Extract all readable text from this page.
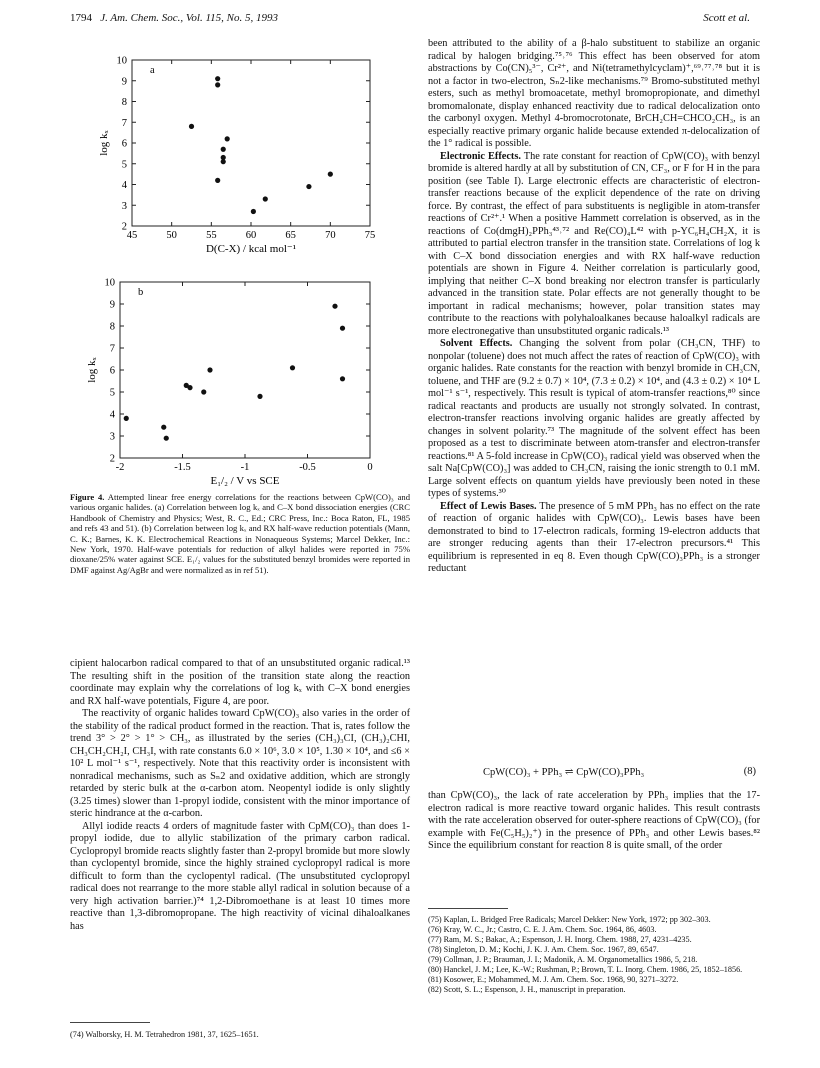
1794 J. Am. Chem. Soc., Vol. 115, No. 5, 1993	Scott et al.
45	50	55	60	65	70	75
2
3
4
5
6
7
8
9
10
a
D(C-X) / kcal mol⁻¹
log kₓ
-2	-1.5	-1	-0.5	0
2
3
4
5
6
7
8
9
10
b
E₁/₂ / V vs SCE
log kₓ
Figure 4. Attempted linear free energy correlations for the reactions between CpW(CO)₃ and various organic halides. (a) Correlation between log kₓ and C–X bond dissociation energies (CRC Handbook of Chemistry and Physics; West, R. C., Ed.; CRC Press, Inc.: Boca Raton, FL, 1985 and refs 43 and 51). (b) Correlation between log kₓ and RX half-wave reduction potentials (Mann, C. K.; Barnes, K. K. Electrochemical Reactions in Nonaqueous Systems; Marcel Dekker, Inc.: New York, 1970. Half-wave potentials for reduction of alkyl halides were reported in 75% dioxane/25% water against SCE. E₁/₂ values for the substituted benzyl bromides were reported in DMF against Ag/AgBr and were normalized as in ref 51).

cipient halocarbon radical compared to that of an unsubstituted organic radical.¹³ The resulting shift in the position of the transition state along the reaction coordinate may explain why the correlations of log kₓ with C–X bond energies and RX half-wave potentials, Figure 4, are poor.

The reactivity of organic halides toward CpW(CO)₃ also varies in the order of the stability of the radical product formed in the reaction. That is, rates follow the trend 3° > 2° > 1° > CH₃, as illustrated by the series (CH₃)₃CI, (CH₃)₂CHI, CH₃CH₂CH₂I, CH₃I, with rate constants 6.0 × 10⁶, 3.0 × 10⁵, 1.30 × 10⁴, and ≤6 × 10² L mol⁻¹ s⁻¹, respectively. Note that this reactivity order is inconsistent with nonradical mechanisms, such as Sₙ2 and oxidative addition, which are strongly retarded by steric bulk at the α-carbon atom. Neopentyl iodide is only slightly (3.25 times) slower than 1-propyl iodide, consistent with the minor importance of steric hindrance at the α-carbon.

Allyl iodide reacts 4 orders of magnitude faster with CpM(CO)₃ than does 1-propyl iodide, due to allylic stabilization of the primary carbon radical. Cyclopropyl bromide reacts slightly faster than 2-propyl bromide but more slowly than cyclopentyl bromide, since the highly strained cyclopropyl radical is more difficult to form than the cyclopentyl radical. (The unsubstituted cyclopropyl radical does not rearrange to the more stable allyl radical in solution because of a very high activation barrier.)⁷⁴ 1,2-Dibromoethane is at least 10 times more reactive than 1,3-dibromopropane. The high reactivity of vicinal dihaloalkanes has

(74) Walborsky, H. M. Tetrahedron 1981, 37, 1625–1651.

been attributed to the ability of a β-halo substituent to stabilize an organic radical by halogen bridging.⁷⁵˒⁷⁶ This effect has been observed for atom abstractions by Co(CN)₅³⁻, Cr²⁺, and Ni(tetramethylcyclam)⁺,⁶⁹˒⁷⁷˒⁷⁸ but it is not a factor in two-electron, Sₙ2-like mechanisms.⁷⁹ Bromo-substituted methyl esters, such as methyl bromoacetate, methyl bromopropionate, and dimethyl bromomalonate, display enhanced reactivity due to radical delocalization onto the carbonyl oxygen. Methyl 4-bromocrotonate, BrCH₂CH=CHCO₂CH₃, is an especially reactive primary organic halide because extended π-delocalization of the 1° radical is possible.

Electronic Effects. The rate constant for reaction of CpW(CO)₃ with benzyl bromide is altered hardly at all by substitution of CN, CF₃, or F for H in the para position (see Table I). Large electronic effects are characteristic of electron-transfer reactions because of the explicit dependence of the rate on driving force. By contrast, the effect of para substituents is negligible in atom-transfer reactions of Cr²⁺.¹ When a positive Hammett correlation is observed, as in the reactions of Co(dmgH)₂PPh₃⁴³˒⁷² and Re(CO)₄L⁴² with p-YC₆H₄CH₂X, it is attributed to partial electron transfer in the transition state. Correlations of log k with C–X bond dissociation energies and with RX half-wave reduction potentials are shown in Figure 4. Neither correlation is particularly good, implying that neither C–X bond breaking nor electron transfer is particularly advanced in the transition state. Polar effects are not generally thought to be important in radical mechanisms; however, polar transition states may contribute to the reactions with polyhaloalkanes because haloalkyl radicals are more electronegative than unsubstituted organic radicals.¹³

Solvent Effects. Changing the solvent from polar (CH₃CN, THF) to nonpolar (toluene) does not much affect the rates of reaction of CpW(CO)₃ with organic halides. Rate constants for the reaction with benzyl bromide in CH₃CN, toluene, and THF are (9.2 ± 0.7) × 10⁴, (7.3 ± 0.2) × 10⁴, and (4.3 ± 0.2) × 10⁴ L mol⁻¹ s⁻¹, respectively. This result is typical of atom-transfer reactions,⁸⁰ since radical reactants and products are usually not strongly solvated. In contrast, electron-transfer reactions involving organic halides are greatly affected by changes in solvent polarity.⁷³ The magnitude of the solvent effect has been proposed as a test to discriminate between atom-transfer and electron-transfer reactions.⁸¹ A 5-fold increase in CpW(CO)₃ radical yield was observed when the salt Na[CpW(CO)₃] was added to CH₃CN, raising the ionic strength to 0.1 mM. Large solvent effects on quantum yields have previously been noted in these types of systems.³⁰

Effect of Lewis Bases. The presence of 5 mM PPh₃ has no effect on the rate of reaction of organic halides with CpW(CO)₃. Lewis bases have been demonstrated to bind to 17-electron radicals, forming 19-electron adducts that are stronger reducing agents than their 17-electron precursors.⁴¹ This equilibrium is represented in eq 8. Even though CpW(CO)₃PPh₃ is a stronger reductant

CpW(CO)₃ + PPh₃ ⇌ CpW(CO)₃PPh₃	(8)

than CpW(CO)₃, the lack of rate acceleration by PPh₃ implies that the 17-electron radical is more reactive toward organic halides. This result contrasts with the rate acceleration observed for outer-sphere reactions of CpW(CO)₃ (for example with Fe(C₅H₅)₂⁺) in the presence of PPh₃ and other Lewis bases.⁸² Since the equilibrium constant for reaction 8 is quite small, of the order

(75) Kaplan, L. Bridged Free Radicals; Marcel Dekker: New York, 1972; pp 302–303.
(76) Kray, W. C., Jr.; Castro, C. E. J. Am. Chem. Soc. 1964, 86, 4603.
(77) Ram, M. S.; Bakac, A.; Espenson, J. H. Inorg. Chem. 1988, 27, 4231–4235.
(78) Singleton, D. M.; Kochi, J. K. J. Am. Chem. Soc. 1967, 89, 6547.
(79) Collman, J. P.; Brauman, J. I.; Madonik, A. M. Organometallics 1986, 5, 218.
(80) Hanckel, J. M.; Lee, K.-W.; Rushman, P.; Brown, T. L. Inorg. Chem. 1986, 25, 1852–1856.
(81) Kosower, E.; Mohammed, M. J. Am. Chem. Soc. 1968, 90, 3271–3272.
(82) Scott, S. L.; Espenson, J. H., manuscript in preparation.
